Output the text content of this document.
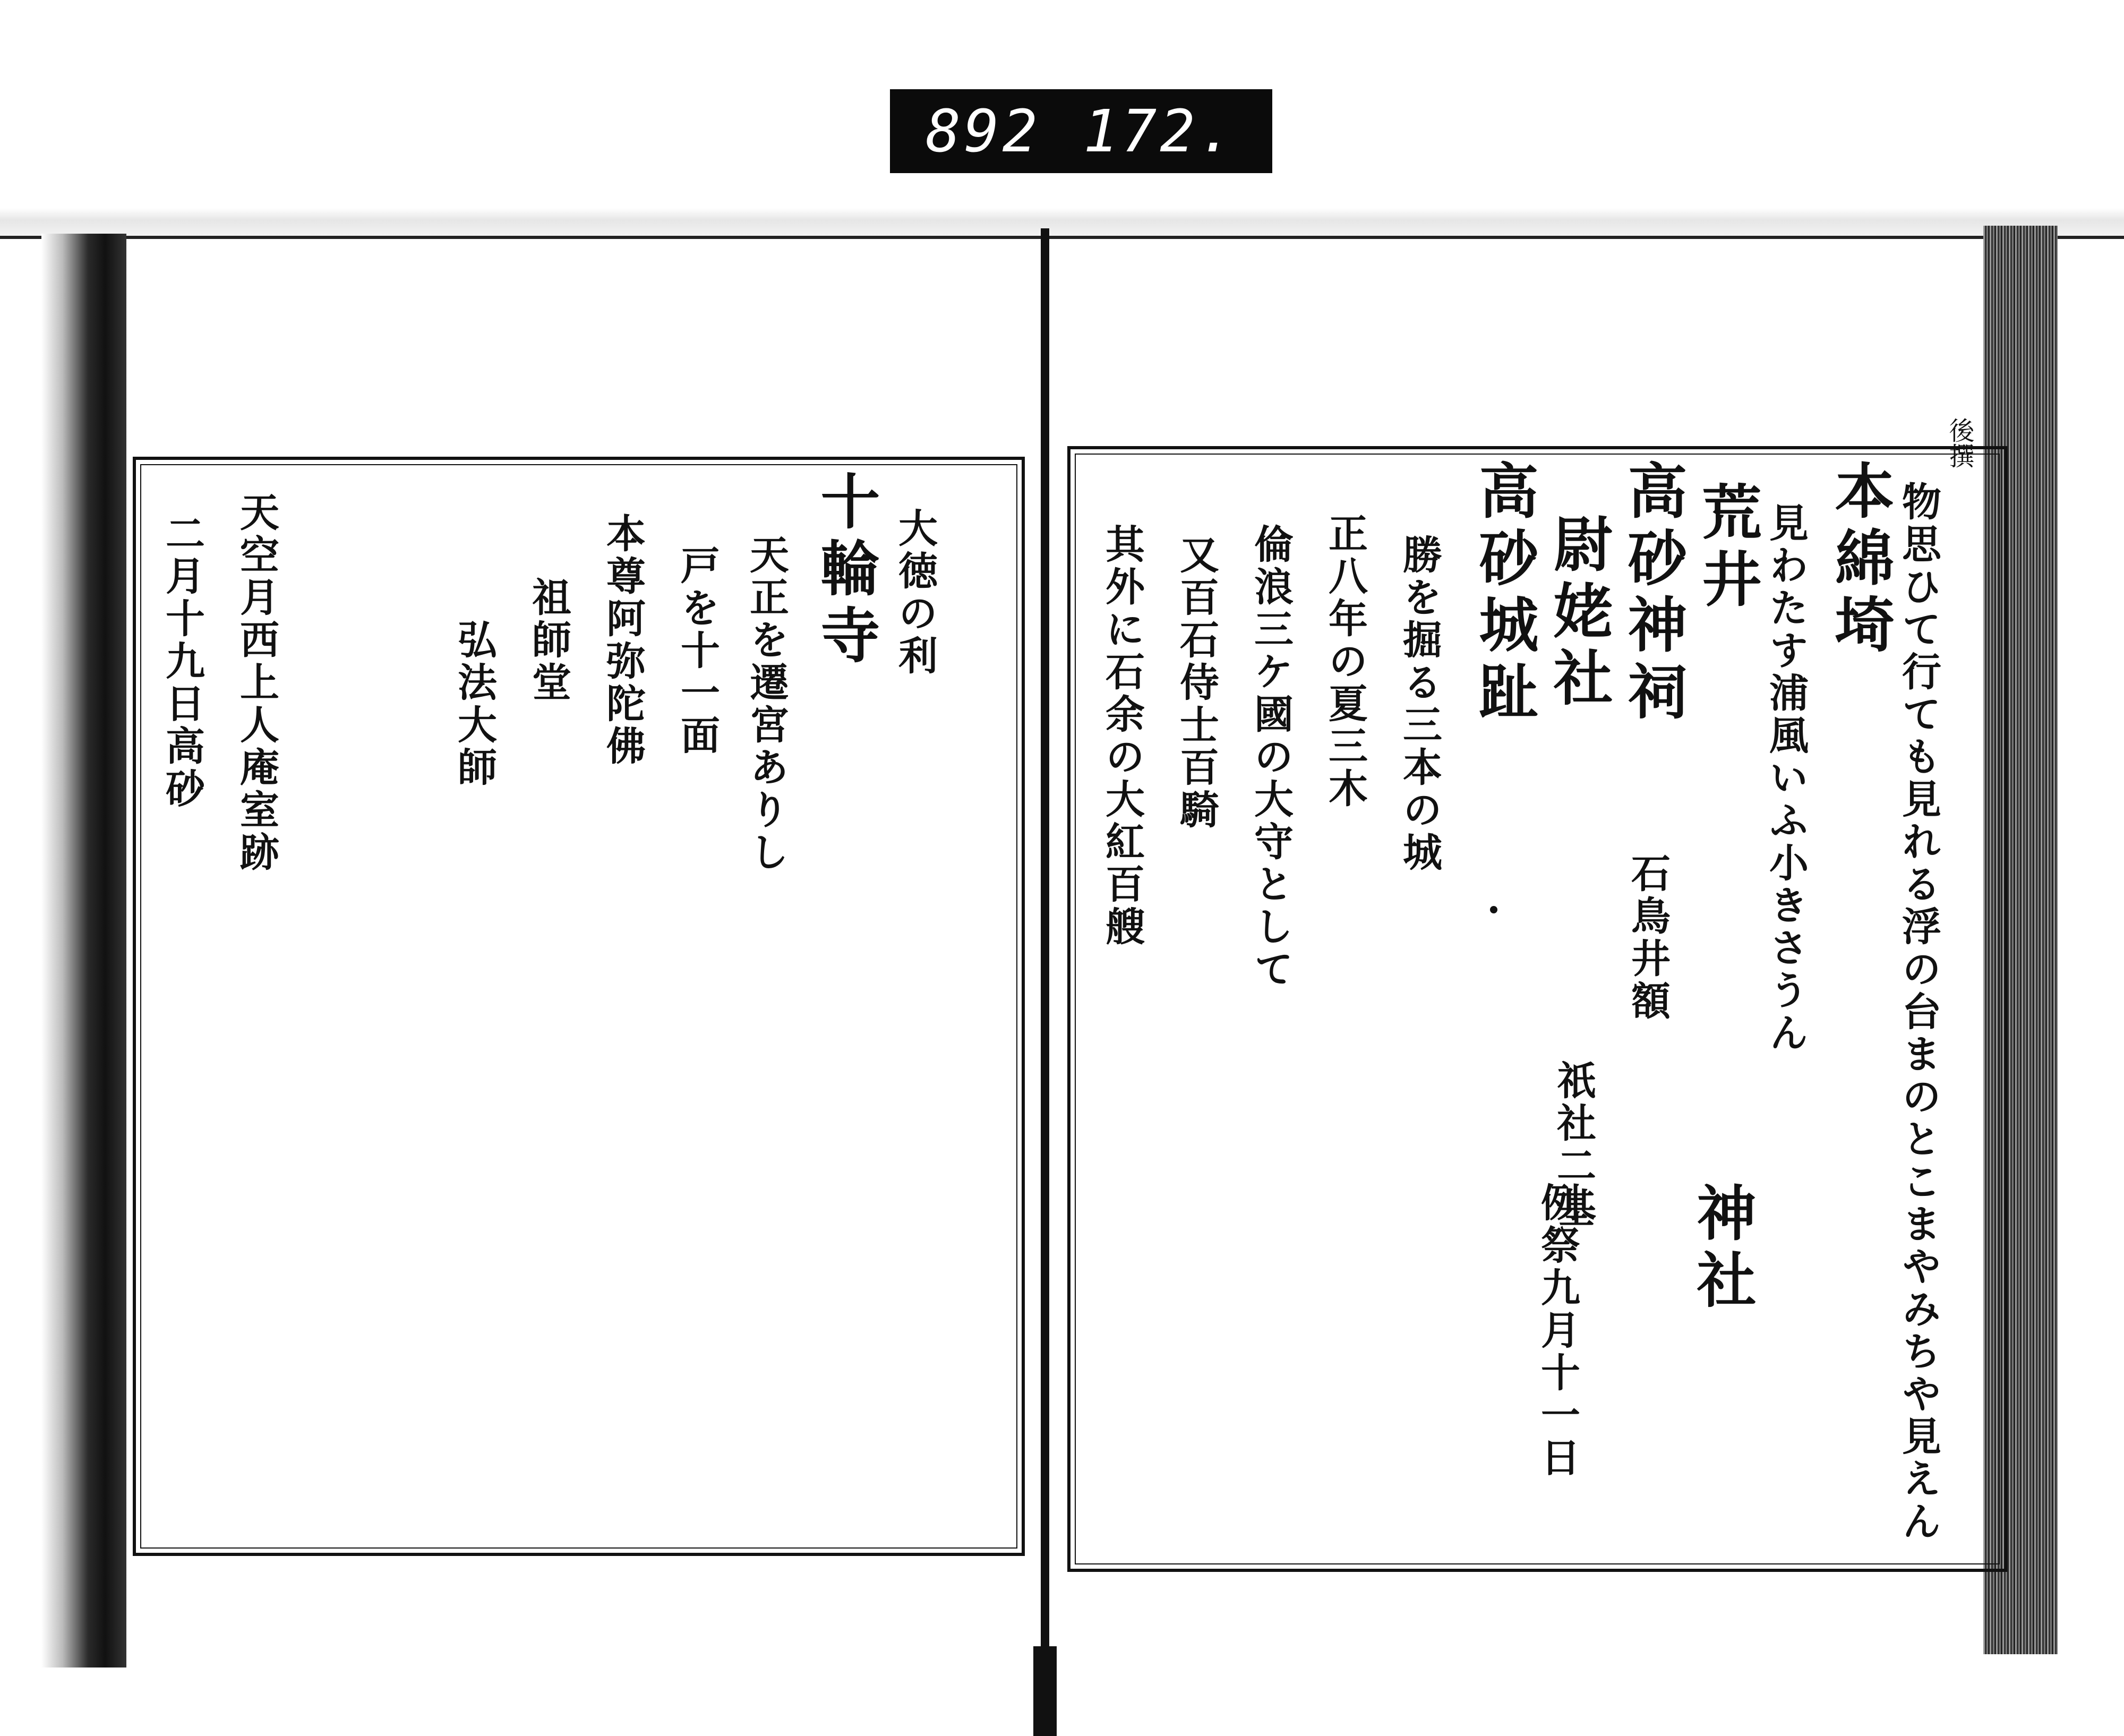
892 172.
大徳の利
十輪寺
天正を遷宮ありし
戸を十一面
本尊阿弥陀佛
祖師堂
弘法大師
天空月西上人庵室跡
二月十九日高砂
後撰
物思ひて行ても見れる浮の台まのとこまやみちや見えん
本綿埼
見わたす浦風いふ小きさうん
荒井
高砂神祠
尉姥社
高砂城趾
勝を掘る三本の城
正八年の夏三木
倫浪三ケ國の大守として
又百石侍士百騎
其外に石余の大紅百艘
神社
例祭九月十一日
石鳥井額
祇社二基
